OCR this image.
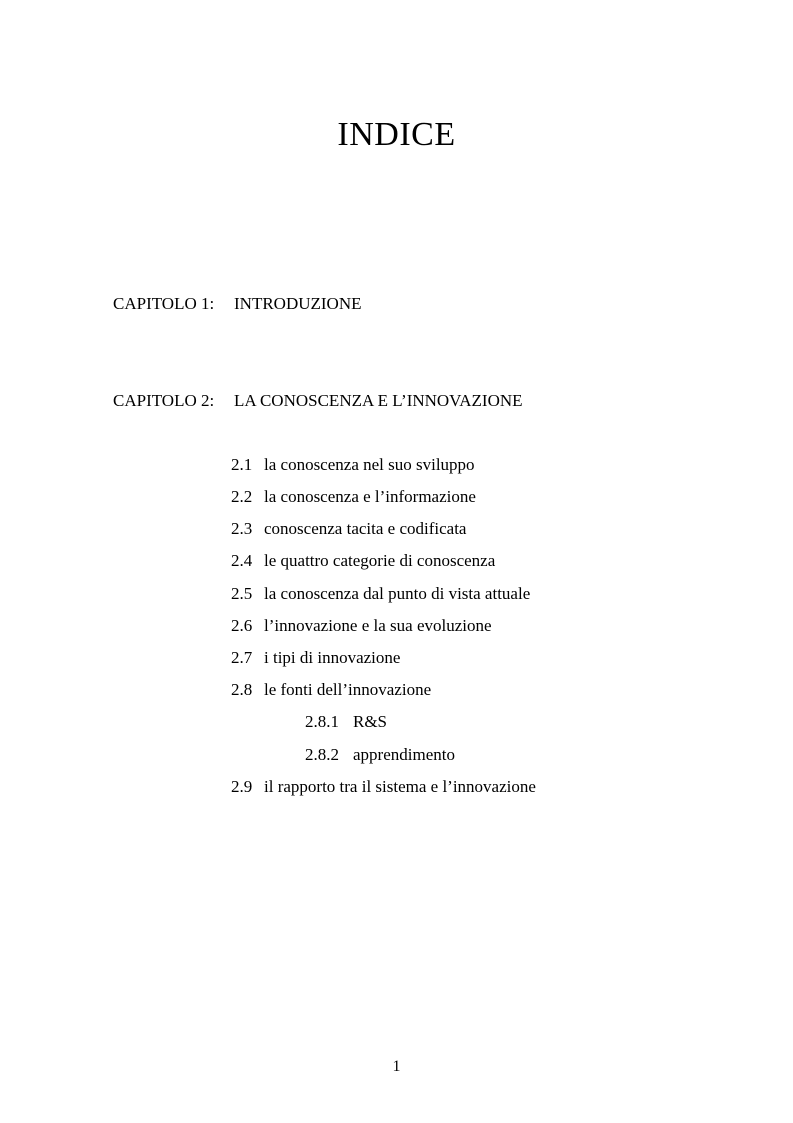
INDICE
CAPITOLO 1: INTRODUZIONE
CAPITOLO 2: LA CONOSCENZA E L’INNOVAZIONE
2.1 la conoscenza nel suo sviluppo
2.2 la conoscenza e l’informazione
2.3 conoscenza tacita e codificata
2.4 le quattro categorie di conoscenza
2.5 la conoscenza dal punto di vista attuale
2.6 l’innovazione e la sua evoluzione
2.7 i tipi di innovazione
2.8 le fonti dell’innovazione
2.8.1 R&S
2.8.2 apprendimento
2.9 il rapporto tra il sistema e l’innovazione
1
